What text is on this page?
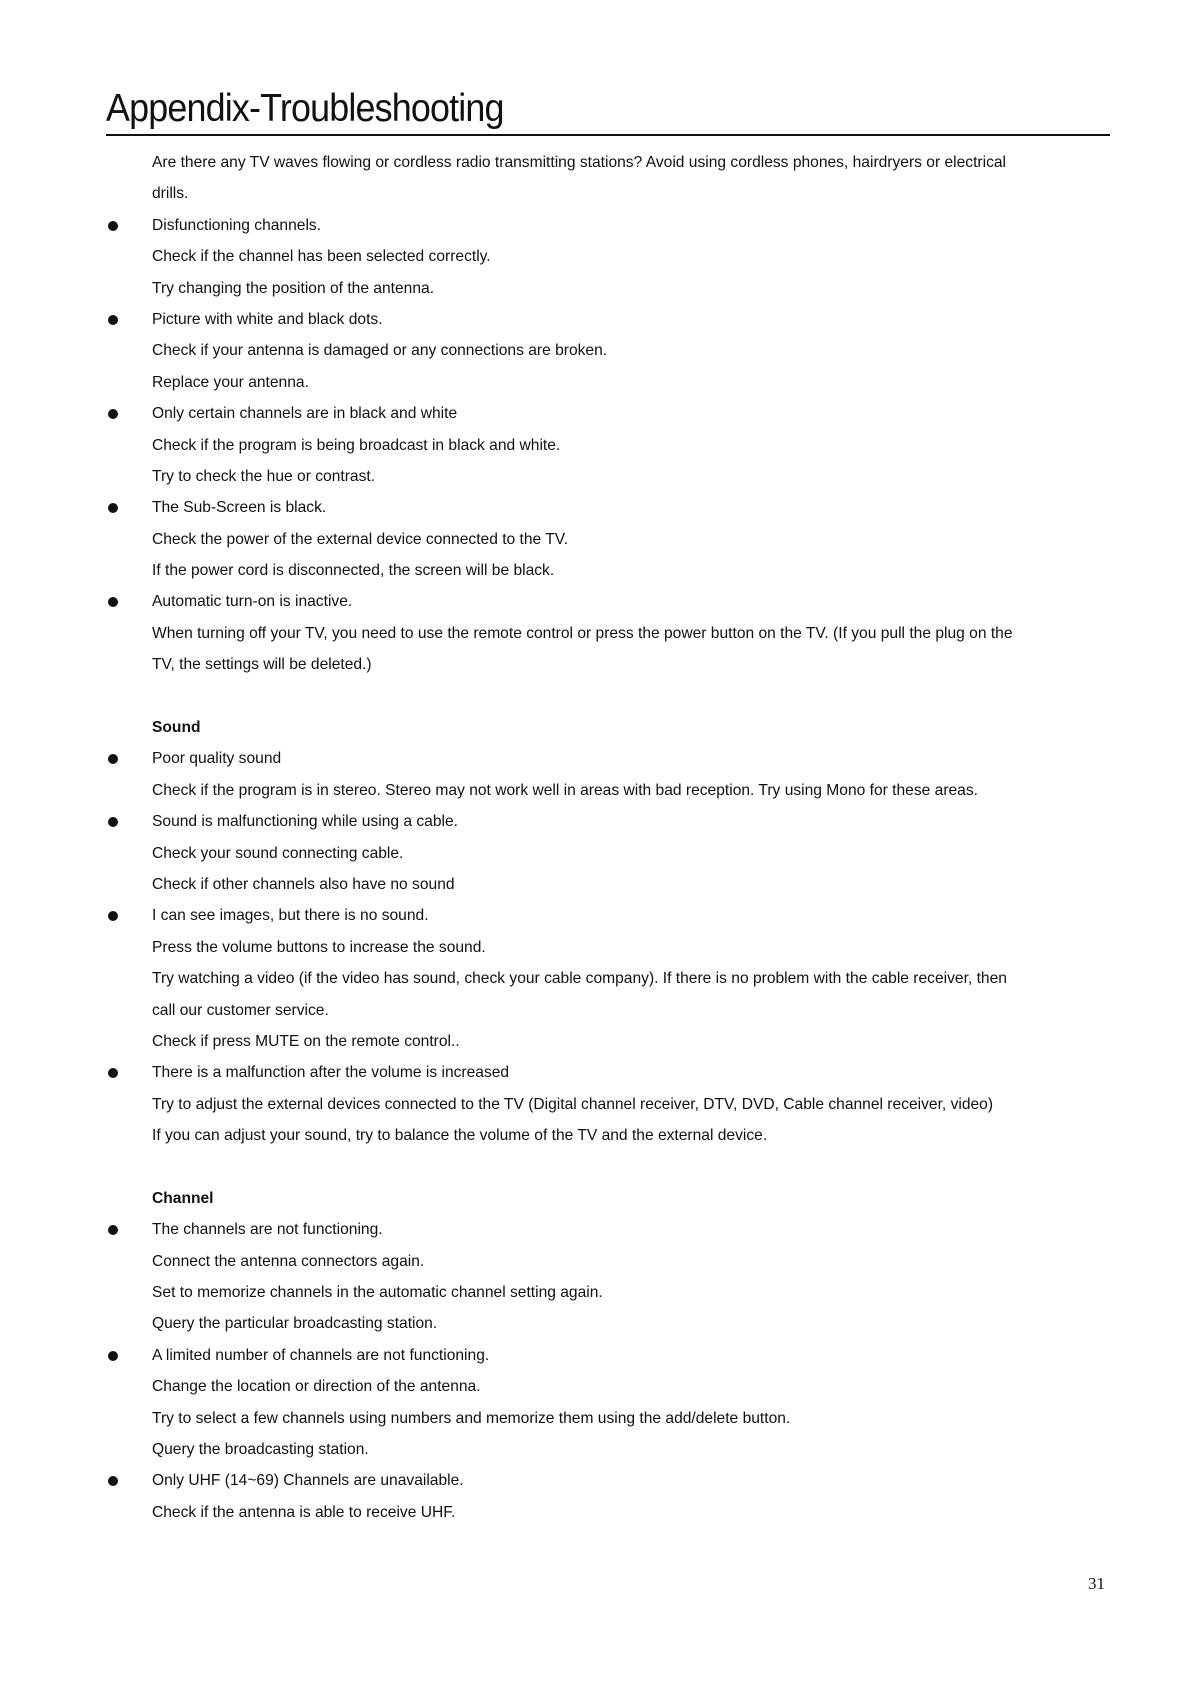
Appendix-Troubleshooting
Are there any TV waves flowing or cordless radio transmitting stations? Avoid using cordless phones, hairdryers or electrical
drills.
Disfunctioning channels.
Check if the channel has been selected correctly.
Try changing the position of the antenna.
Picture with white and black dots.
Check if your antenna is damaged or any connections are broken.
Replace your antenna.
Only certain channels are in black and white
Check if the program is being broadcast in black and white.
Try to check the hue or contrast.
The Sub-Screen is black.
Check the power of the external device connected to the TV.
If the power cord is disconnected, the screen will be black.
Automatic turn-on is inactive.
When turning off your TV, you need to use the remote control or press the power button on the TV. (If you pull the plug on the
TV, the settings will be deleted.)
Sound
Poor quality sound
Check if the program is in stereo. Stereo may not work well in areas with bad reception. Try using Mono for these areas.
Sound is malfunctioning while using a cable.
Check your sound connecting cable.
Check if other channels also have no sound
I can see images, but there is no sound.
Press the volume buttons to increase the sound.
Try watching a video (if the video has sound, check your cable company). If there is no problem with the cable receiver, then
call our customer service.
Check if press MUTE on the remote control..
There is a malfunction after the volume is increased
Try to adjust the external devices connected to the TV (Digital channel receiver, DTV, DVD, Cable channel receiver, video)
If you can adjust your sound, try to balance the volume of the TV and the external device.
Channel
The channels are not functioning.
Connect the antenna connectors again.
Set to memorize channels in the automatic channel setting again.
Query the particular broadcasting station.
A limited number of channels are not functioning.
Change the location or direction of the antenna.
Try to select a few channels using numbers and memorize them using the add/delete button.
Query the broadcasting station.
Only UHF (14~69) Channels are unavailable.
Check if the antenna is able to receive UHF.
31
